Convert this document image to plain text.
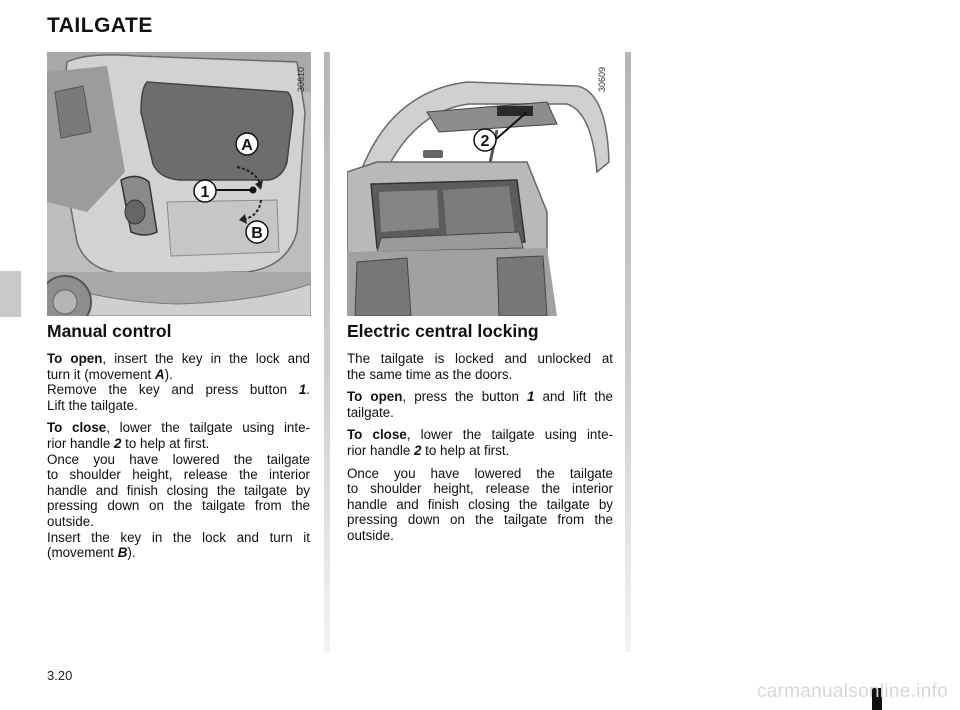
TAILGATE
A
1
B
30610
2
30609
Manual control

To open, insert the key in the lock and
turn it (movement A).
Remove the key and press button 1.
Lift the tailgate.

To close, lower the tailgate using inte-
rior handle 2 to help at first.
Once you have lowered the tailgate
to shoulder height, release the interior
handle and finish closing the tailgate by
pressing down on the tailgate from the
outside.
Insert the key in the lock and turn it
(movement B).

Electric central locking

The tailgate is locked and unlocked at
the same time as the doors.

To open, press the button 1 and lift the
tailgate.

To close, lower the tailgate using inte-
rior handle 2 to help at first.

Once you have lowered the tailgate
to shoulder height, release the interior
handle and finish closing the tailgate by
pressing down on the tailgate from the
outside.

3.20
carmanualsonline.info
